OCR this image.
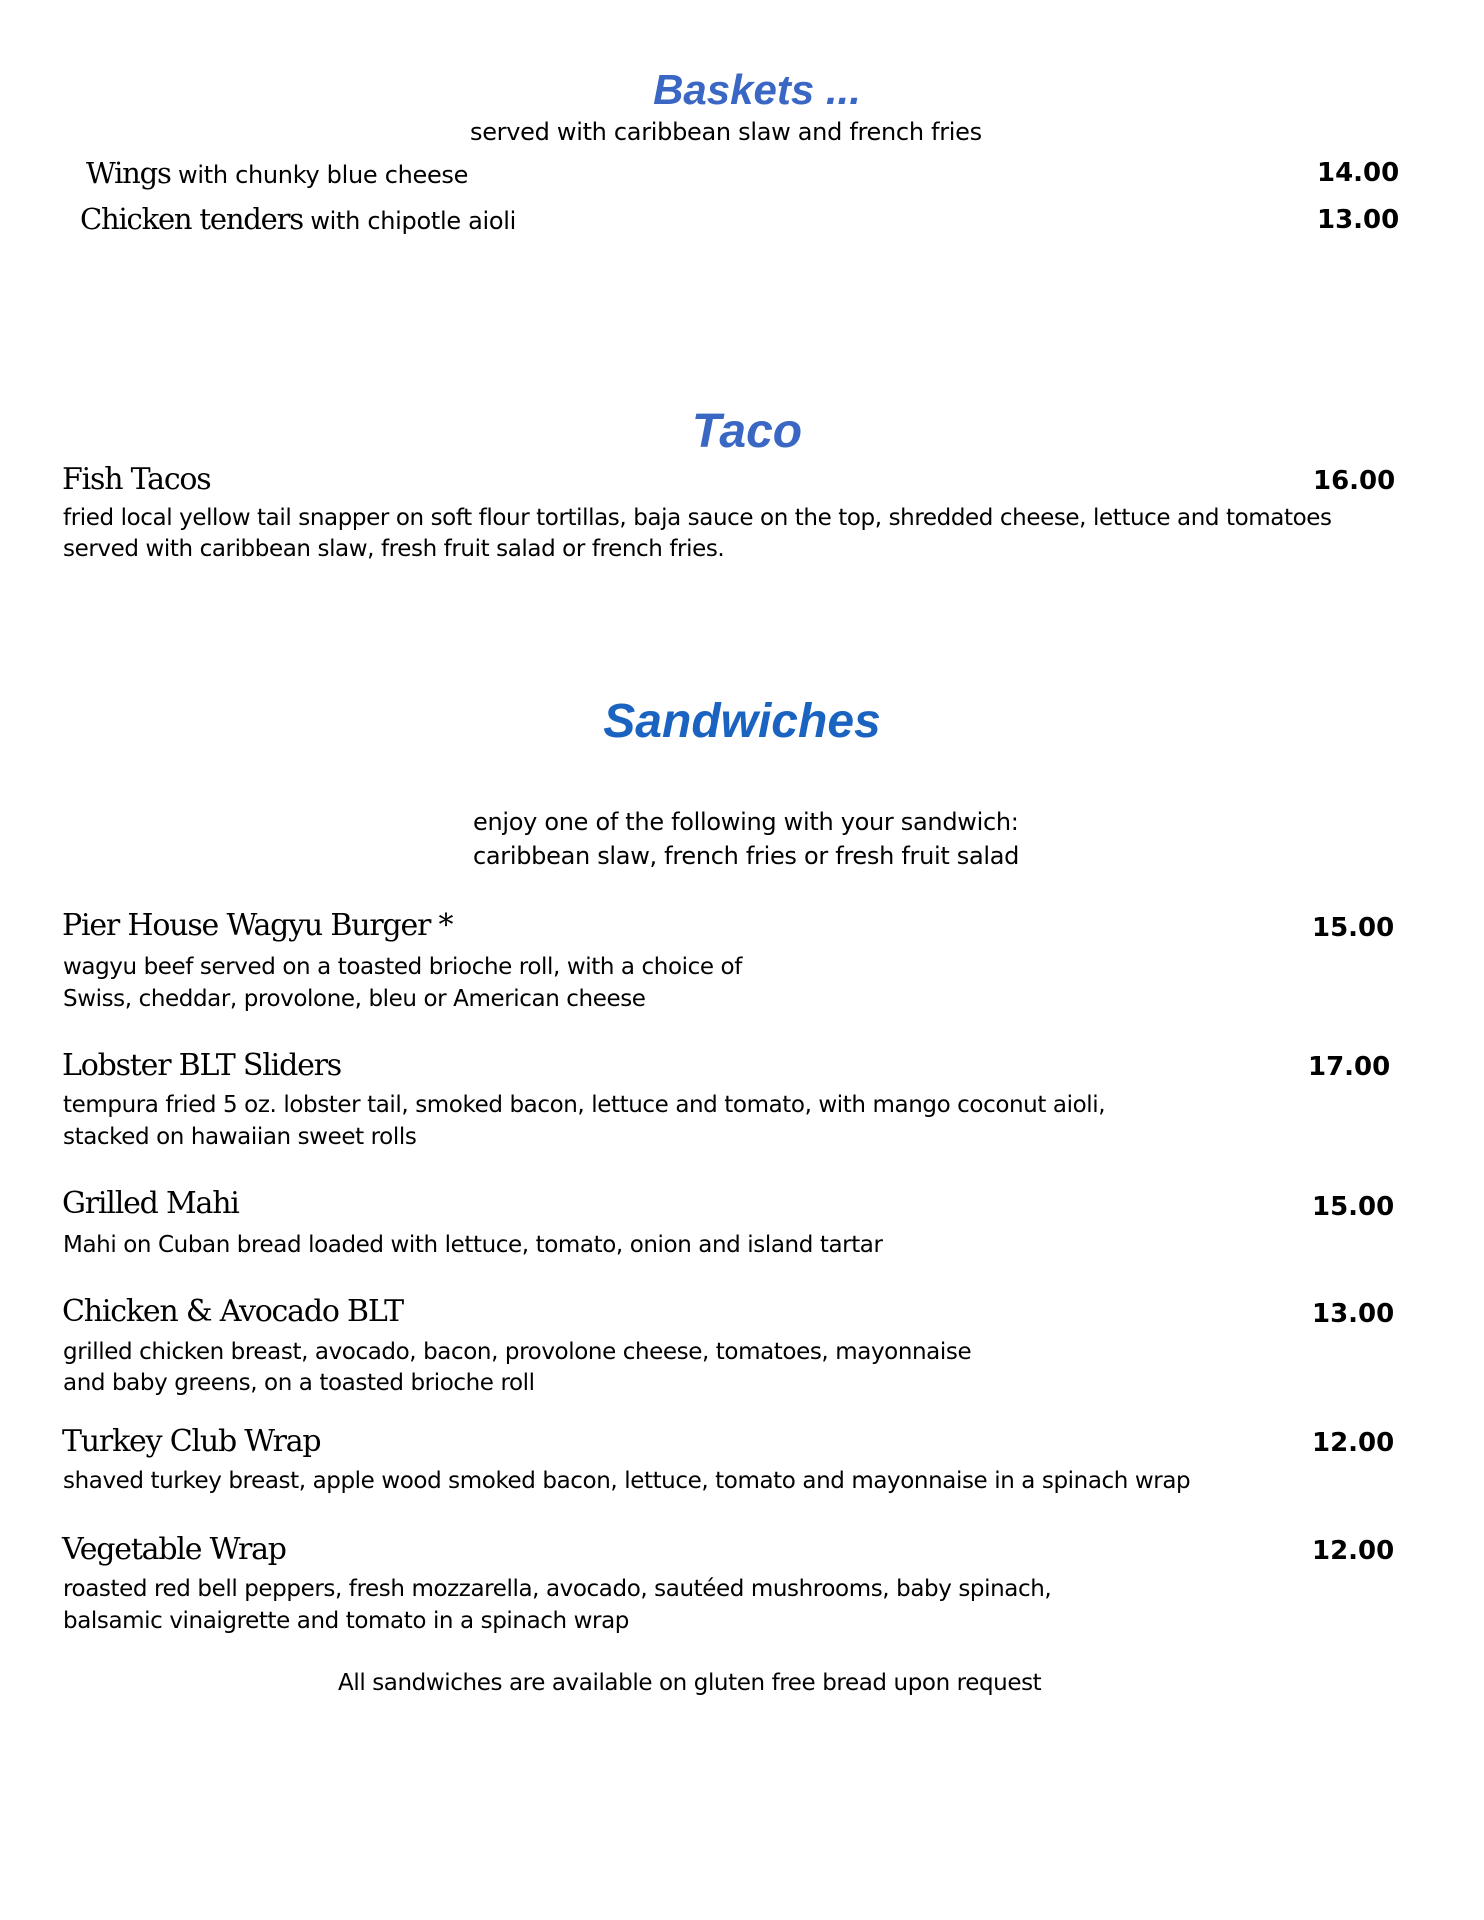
Baskets ...
served with caribbean slaw and french fries
Wings with chunky blue cheese	14.00
Chicken tenders with chipotle aioli	13.00
Taco
Fish Tacos	16.00
fried local yellow tail snapper on soft flour tortillas, baja sauce on the top, shredded cheese, lettuce and tomatoes
served with caribbean slaw, fresh fruit salad or french fries.
Sandwiches
enjoy one of the following with your sandwich:
caribbean slaw, french fries or fresh fruit salad
Pier House Wagyu Burger *	15.00
wagyu beef served on a toasted brioche roll, with a choice of
Swiss, cheddar, provolone, bleu or American cheese
Lobster BLT Sliders	17.00
tempura fried 5 oz. lobster tail, smoked bacon, lettuce and tomato, with mango coconut aioli,
stacked on hawaiian sweet rolls
Grilled Mahi	15.00
Mahi on Cuban bread loaded with lettuce, tomato, onion and island tartar
Chicken & Avocado BLT	13.00
grilled chicken breast, avocado, bacon, provolone cheese, tomatoes, mayonnaise
and baby greens, on a toasted brioche roll
Turkey Club Wrap	12.00
shaved turkey breast, apple wood smoked bacon, lettuce, tomato and mayonnaise in a spinach wrap
Vegetable Wrap	12.00
roasted red bell peppers, fresh mozzarella, avocado, sautéed mushrooms, baby spinach,
balsamic vinaigrette and tomato in a spinach wrap
All sandwiches are available on gluten free bread upon request
